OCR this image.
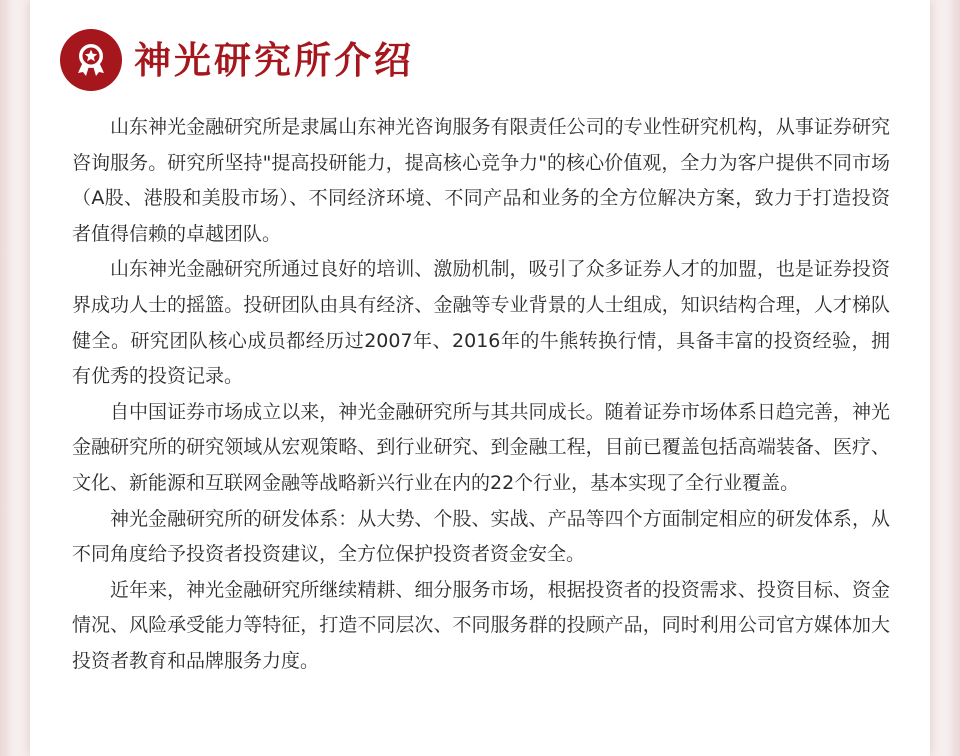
神光研究所介绍

山东神光金融研究所是隶属山东神光咨询服务有限责任公司的专业性研究机构，从事证券研究咨询服务。研究所坚持"提高投研能力，提高核心竞争力"的核心价值观，全力为客户提供不同市场（A股、港股和美股市场）、不同经济环境、不同产品和业务的全方位解决方案，致力于打造投资者值得信赖的卓越团队。

山东神光金融研究所通过良好的培训、激励机制，吸引了众多证券人才的加盟，也是证券投资界成功人士的摇篮。投研团队由具有经济、金融等专业背景的人士组成，知识结构合理，人才梯队健全。研究团队核心成员都经历过2007年、2016年的牛熊转换行情，具备丰富的投资经验，拥有优秀的投资记录。

自中国证券市场成立以来，神光金融研究所与其共同成长。随着证券市场体系日趋完善，神光金融研究所的研究领域从宏观策略、到行业研究、到金融工程，目前已覆盖包括高端装备、医疗、文化、新能源和互联网金融等战略新兴行业在内的22个行业，基本实现了全行业覆盖。

神光金融研究所的研发体系：从大势、个股、实战、产品等四个方面制定相应的研发体系，从不同角度给予投资者投资建议，全方位保护投资者资金安全。

近年来，神光金融研究所继续精耕、细分服务市场，根据投资者的投资需求、投资目标、资金情况、风险承受能力等特征，打造不同层次、不同服务群的投顾产品，同时利用公司官方媒体加大投资者教育和品牌服务力度。
